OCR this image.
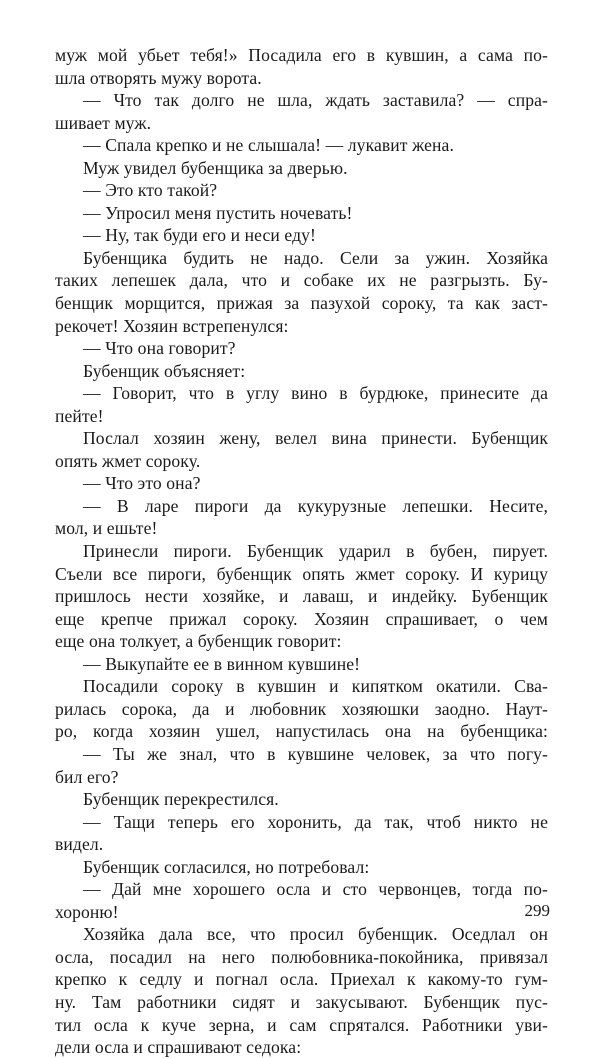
муж мой убьет тебя!» Посадила его в кувшин, а сама по-
шла отворять мужу ворота.
— Что так долго не шла, ждать заставила? — спра-
шивает муж.
— Спала крепко и не слышала! — лукавит жена.
Муж увидел бубенщика за дверью.
— Это кто такой?
— Упросил меня пустить ночевать!
— Ну, так буди его и неси еду!
Бубенщика будить не надо. Сели за ужин. Хозяйка
таких лепешек дала, что и собаке их не разгрызть. Бу-
бенщик морщится, прижая за пазухой сороку, та как заст-
рекочет! Хозяин встрепенулся:
— Что она говорит?
Бубенщик объясняет:
— Говорит, что в углу вино в бурдюке, принесите да
пейте!
Послал хозяин жену, велел вина принести. Бубенщик
опять жмет сороку.
— Что это она?
— В ларе пироги да кукурузные лепешки. Несите,
мол, и ешьте!
Принесли пироги. Бубенщик ударил в бубен, пирует.
Съели все пироги, бубенщик опять жмет сороку. И курицу
пришлось нести хозяйке, и лаваш, и индейку. Бубенщик
еще крепче прижал сороку. Хозяин спрашивает, о чем
еще она толкует, а бубенщик говорит:
— Выкупайте ее в винном кувшине!
Посадили сороку в кувшин и кипятком окатили. Сва-
рилась сорока, да и любовник хозяюшки заодно. Наут-
ро, когда хозяин ушел, напустилась она на бубенщика:
— Ты же знал, что в кувшине человек, за что погу-
бил его?
Бубенщик перекрестился.
— Тащи теперь его хоронить, да так, чтоб никто не
видел.
Бубенщик согласился, но потребовал:
— Дай мне хорошего осла и сто червонцев, тогда по-
хороню!
Хозяйка дала все, что просил бубенщик. Оседлал он
осла, посадил на него полюбовника-покойника, привязал
крепко к седлу и погнал осла. Приехал к какому-то гум-
ну. Там работники сидят и закусывают. Бубенщик пус-
тил осла к куче зерна, и сам спрятался. Работники уви-
дели осла и спрашивают седока:
299
